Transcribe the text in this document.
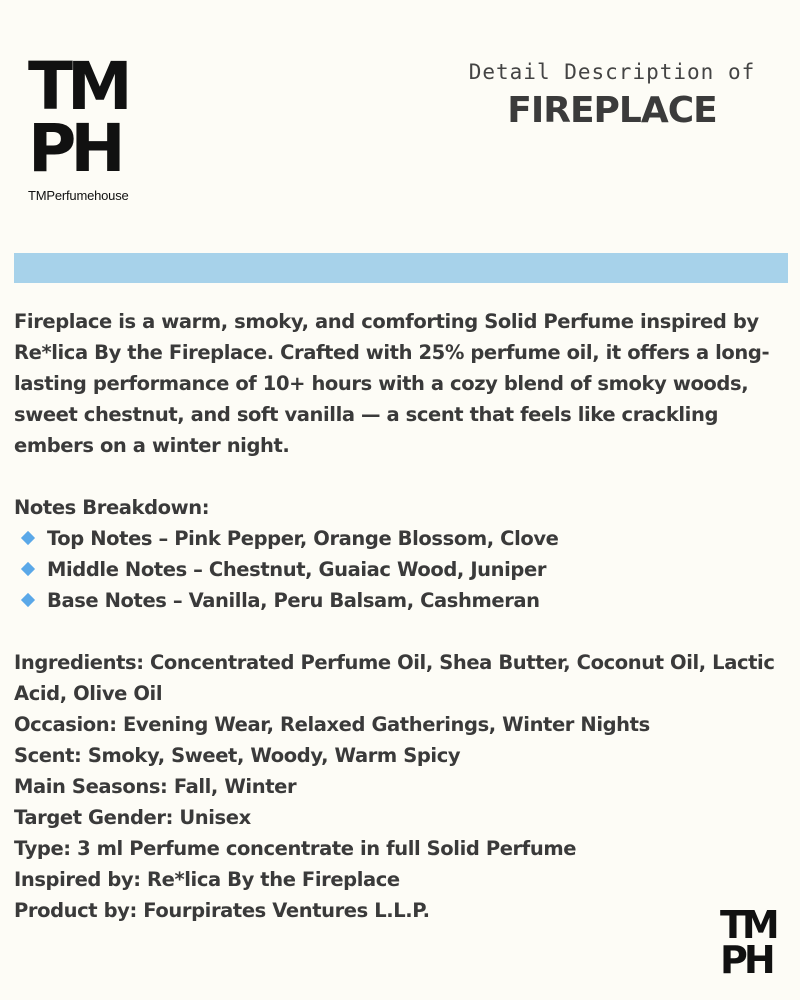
TM
PH
TMPerfumehouse
Detail Description of
FIREPLACE

Fireplace is a warm, smoky, and comforting Solid Perfume inspired by Re*lica By the Fireplace. Crafted with 25% perfume oil, it offers a long-lasting performance of 10+ hours with a cozy blend of smoky woods, sweet chestnut, and soft vanilla — a scent that feels like crackling embers on a winter night.

Notes Breakdown:

Top Notes – Pink Pepper, Orange Blossom, Clove
Middle Notes – Chestnut, Guaiac Wood, Juniper
Base Notes – Vanilla, Peru Balsam, Cashmeran

Ingredients: Concentrated Perfume Oil, Shea Butter, Coconut Oil, Lactic Acid, Olive Oil

Occasion: Evening Wear, Relaxed Gatherings, Winter Nights

Scent: Smoky, Sweet, Woody, Warm Spicy

Main Seasons: Fall, Winter

Target Gender: Unisex

Type: 3 ml Perfume concentrate in full Solid Perfume

Inspired by: Re*lica By the Fireplace

Product by: Fourpirates Ventures L.L.P.	TM
PH
